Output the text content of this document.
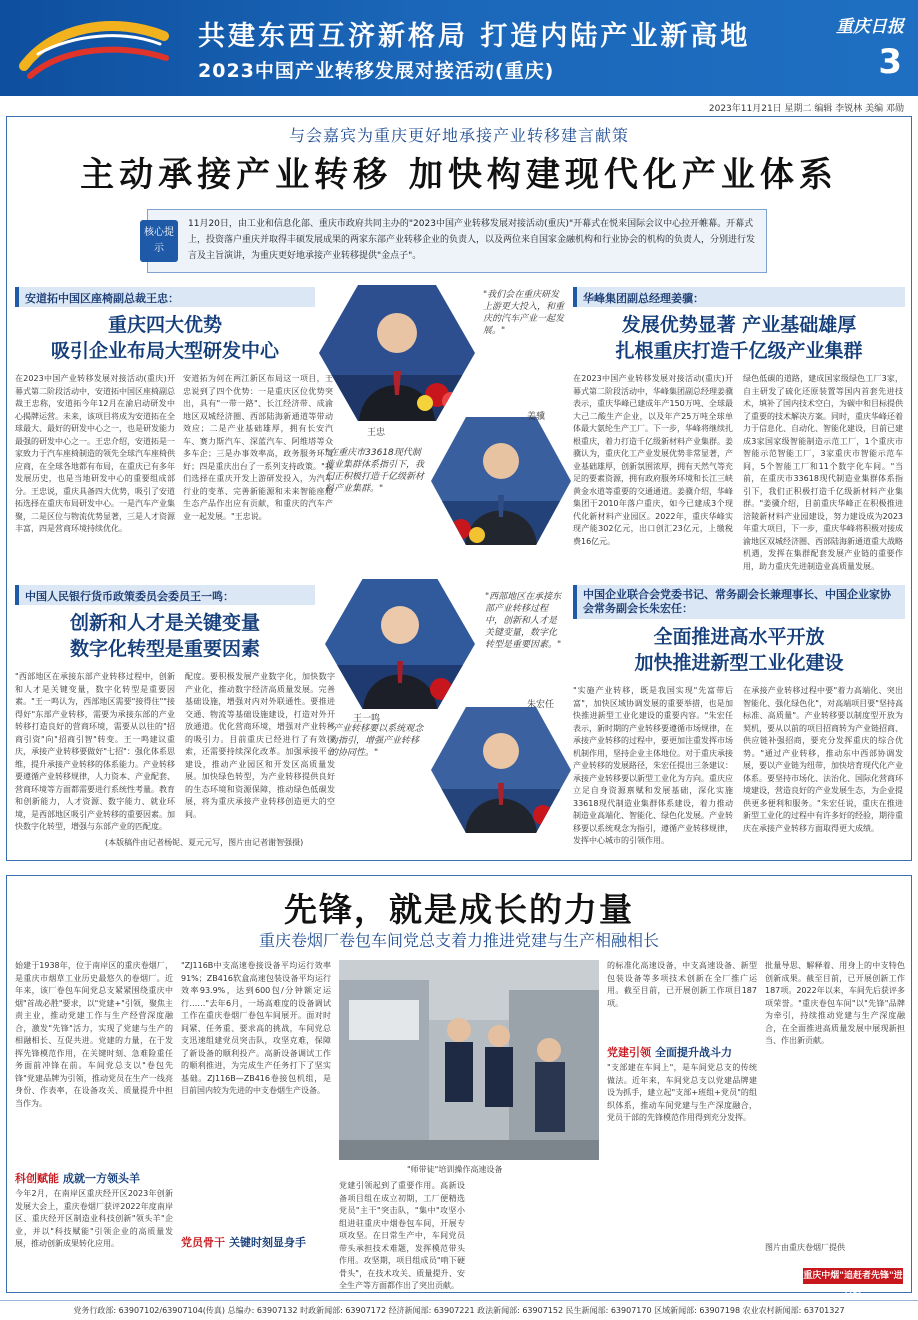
共建东西互济新格局 打造内陆产业新高地
2023中国产业转移发展对接活动(重庆)
重庆日报
3
2023年11月21日 星期二 编辑 李锐林 美编 邓勋
与会嘉宾为重庆更好地承接产业转移建言献策
主动承接产业转移 加快构建现代化产业体系
核心提示
11月20日，由工业和信息化部、重庆市政府共同主办的"2023中国产业转移发展对接活动(重庆)"开幕式在悦来国际会议中心拉开帷幕。开幕式上，投资落户重庆并取得丰硕发展成果的两家东部产业转移企业的负责人，以及两位来自国家金融机构和行业协会的机构的负责人，分别进行发言及主旨演讲，为重庆更好地承接产业转移提供"金点子"。
安道拓中国区座椅副总裁王忠：
重庆四大优势
吸引企业布局大型研发中心
在2023中国产业转移发展对接活动(重庆)开幕式第二阶段活动中，安道拓中国区座椅副总裁王忠称，安道拓今年12月在渝启动研发中心揭牌运营。未来，该项目将成为安道拓在全球最大、最好的研发中心之一，也是研发能力最强的研发中心之一。王忠介绍，安道拓是一家致力于汽车座椅制造的领先全球汽车座椅供应商，在全球各地都有布局，在重庆已有多年发展历史，也是当地研发中心的重要组成部分。王忠说，重庆具备四大优势，吸引了安道拓选择在重庆布局研发中心。一是汽车产业集聚，二是区位与物流优势显著，三是人才资源丰富，四是营商环境持续优化。
安道拓为何在两江新区布局这一项目，王忠说到了四个优势：一是重庆区位优势突出，具有"一带一路"、长江经济带、成渝地区双城经济圈、西部陆海新通道等带动效应；二是产业基础雄厚，拥有长安汽车、赛力斯汽车、深蓝汽车、阿维塔等众多车企；三是办事效率高，政务服务环境好；四是重庆出台了一系列支持政策。"我们选择在重庆开发上游研发投入，为汽车行业的变革、完善新能源和未来智能座舱生态产品作出应有贡献，和重庆的汽车产业一起发展。"王忠说。
王忠
"我们会在重庆研发上游更大投入，和重庆的汽车产业一起发展。"
华峰集团副总经理姜骥：
发展优势显著 产业基础雄厚
扎根重庆打造千亿级产业集群
在2023中国产业转移发展对接活动(重庆)开幕式第二阶段活动中，华峰集团副总经理姜骥表示，重庆华峰已建成年产150万吨、全球最大己二酸生产企业，以及年产25万吨全球单体最大氨纶生产工厂。下一步，华峰将继续扎根重庆，着力打造千亿级新材料产业集群。姜骥认为，重庆化工产业发展优势非常显著，产业基础雄厚，创新氛围浓厚，拥有天然气等充足的要素资源，拥有政府服务环境和长江三峡黄金水道等重要的交通通道。姜骥介绍，华峰集团于2010年落户重庆，如今已建成3个现代化新材料产业园区。2022年，重庆华峰实现产能302亿元，出口创汇23亿元，上缴税费16亿元。
绿色低碳的道路，建成国家级绿色工厂3家，自主研发了硫化还原装置等国内首套先进技术，填补了国内技术空白，为碳中和目标提供了重要的技术解决方案。同时，重庆华峰还着力于信息化、自动化、智能化建设，目前已建成3家国家级智能制造示范工厂，1个重庆市智能示范智能工厂，3家重庆市智能示范车间，5个智能工厂和11个数字化车间。"当前，在重庆市33618现代制造业集群体系指引下，我们正积极打造千亿级新材料产业集群。"姜骥介绍，目前重庆华峰正在积极推进涪陵新材料产业园建设，努力建设成为2023年重大项目，下一步，重庆华峰将积极对接成渝地区双城经济圈、西部陆海新通道重大战略机遇，发挥在集群配套发展产业链的重要作用，助力重庆先进制造业高质量发展。
"在重庆市33618现代制造业集群体系指引下，我们正积极打造千亿级新材料产业集群。"
姜骥
中国人民银行货币政策委员会委员王一鸣：
创新和人才是关键变量
数字化转型是重要因素
"西部地区在承接东部产业转移过程中，创新和人才是关键变量，数字化转型是重要因素。"王一鸣认为，西部地区需要"接得住""接得好"东部产业转移，需要为承接东部的产业转移打造良好的营商环境，需要从以往的"招商引资"向"招商引智"转变。王一鸣建议重庆，承接产业转移要做好"七招"：强化体系思维，提升承接产业转移的体系能力。产业转移要遵循产业转移规律，人力资本、产业配套、营商环境等方面都需要进行系统性考量。教育和创新能力，人才资源、数字能力、就业环境，是西部地区吸引产业转移的重要因素。加快数字化转型，增强与东部产业的匹配度。
配度。要积极发展产业数字化，加快数字产业化，推动数字经济高质量发展。完善基础设施，增强对内对外联通性。要推进交通、物流等基础设施建设，打造对外开放通道。优化营商环境，增强对产业转移的吸引力。目前重庆已经进行了有效探索，还需要持续深化改革。加强承接平台建设，推动产业园区和开发区高质量发展。加快绿色转型，为产业转移提供良好的生态环境和资源保障，推动绿色低碳发展，将为重庆承接产业转移创造更大的空间。
(本版稿件由记者杨铌、夏元元写，图片由记者谢智强摄)
王一鸣
"西部地区在承接东部产业转移过程中，创新和人才是关键变量，数字化转型是重要因素。"
中国企业联合会党委书记、常务副会长兼理事长、中国企业家协会常务副会长朱宏任：
全面推进高水平开放
加快推进新型工业化建设
"实施产业转移，既是我国实现"先富带后富"，加快区域协调发展的重要举措，也是加快推进新型工业化建设的重要内容。"朱宏任表示，新时期的产业转移要遵循市场规律，在承接产业转移的过程中，要更加注重发挥市场机制作用，坚持企业主体地位。对于重庆承接产业转移的发展路径，朱宏任提出三条建议：承接产业转移要以新型工业化为方向。重庆应立足自身资源禀赋和发展基础，深化实施33618现代制造业集群体系建设，着力推动制造业高端化、智能化、绿色化发展。产业转移要以系统观念为指引，遵循产业转移规律，发挥中心城市的引领作用。
在承接产业转移过程中要"着力高端化、突出智能化、强化绿色化"，对高端项目要"坚持高标准、高质量"。产业转移要以制度型开放为契机，要从以前的项目招商转为产业链招商、供应链补强招商，要充分发挥重庆的综合优势。"通过产业转移，推动东中西部协调发展，要以产业链为纽带，加快培育现代化产业体系。要坚持市场化、法治化、国际化营商环境建设，营造良好的产业发展生态，为企业提供更多便利和服务。"朱宏任说，重庆在推进新型工业化的过程中有许多好的经验，期待重庆在承接产业转移方面取得更大成绩。
"产业转移要以系统观念为指引，增强产业转移的协同性。"
朱宏任
先锋，就是成长的力量
重庆卷烟厂卷包车间党总支着力推进党建与生产相融相长
始建于1938年，位于南岸区的重庆卷烟厂，是重庆市烟草工业历史最悠久的卷烟厂。近年来，该厂卷包车间党总支紧紧围绕重庆中烟"首战必胜"要求，以"党建+"引领，聚焦主责主业，推动党建工作与生产经营深度融合，激发"先锋"活力，实现了党建与生产的相融相长、互促共进。党建的力量，在于发挥先锋模范作用，在关键时刻、急难险重任务面前冲锋在前。车间党总支以"卷包先锋"党建品牌为引领，推动党员在生产一线亮身份、作表率，在设备攻关、质量提升中担当作为。
科创赋能 成就一方领头羊
今年2月，在南岸区重庆经开区2023年创新发展大会上，重庆卷烟厂获评2022年度南岸区、重庆经开区制造业科技创新"领头羊"企业，并以"科技赋能"引领企业的高质量发展，推动创新成果转化应用。
"ZJ116B中支高速卷接设备平均运行效率91%；ZB416软盒高速包装设备平均运行效率93.9%，达到600包/分钟额定运行……"去年6月，一场高难度的设备调试工作在重庆卷烟厂卷包车间展开。面对时间紧、任务重、要求高的挑战，车间党总支迅速组建党员突击队，攻坚克难，保障了新设备的顺利投产。高新设备调试工作的顺利推进，为完成生产任务打下了坚实基础。ZJ116B—ZB416卷接包机组，是目前国内较为先进的中支卷烟生产设备。
党员骨干 关键时刻显身手
"师带徒"培训操作高速设备
党建引领起到了重要作用。高新设备项目组在成立初期，工厂便精选党员"主干"突击队，"集中"攻坚小组进驻重庆中烟卷包车间，开展专项攻坚。在日常生产中，车间党员带头承担技术难题，发挥模范带头作用。攻坚期，项目组成员"啃下硬骨头"，在技术攻关、质量提升、安全生产等方面都作出了突出贡献。
的标准化高速设备，中支高速设备、新型包装设备等多项技术创新在全厂推广运用。截至目前，已开展创新工作项目187项。
党建引领 全面提升战斗力
"支部建在车间上"，是车间党总支的传统做法。近年来，车间党总支以党建品牌建设为抓手，建立起"支部+班组+党员"的组织体系，推动车间党建与生产深度融合，党员干部的先锋模范作用得到充分发挥。
批量导思、解释着、用身上的中支特色创新成果。截至目前，已开展创新工作187项。2022年以来，车间先后获评多项荣誉。"重庆卷包车间"以"先锋"品牌为牵引，持续推动党建与生产深度融合，在全面推进高质量发展中展现新担当、作出新贡献。
图片由重庆卷烟厂提供
重庆中烟"追赶者先锋"进行时
党务行政部: 63907102/63907104(传真) 总编办: 63907132 时政新闻部: 63907172 经济新闻部: 63907221 政法新闻部: 63907152 民生新闻部: 63907170 区域新闻部: 63907198 农业农村新闻部: 63701327
